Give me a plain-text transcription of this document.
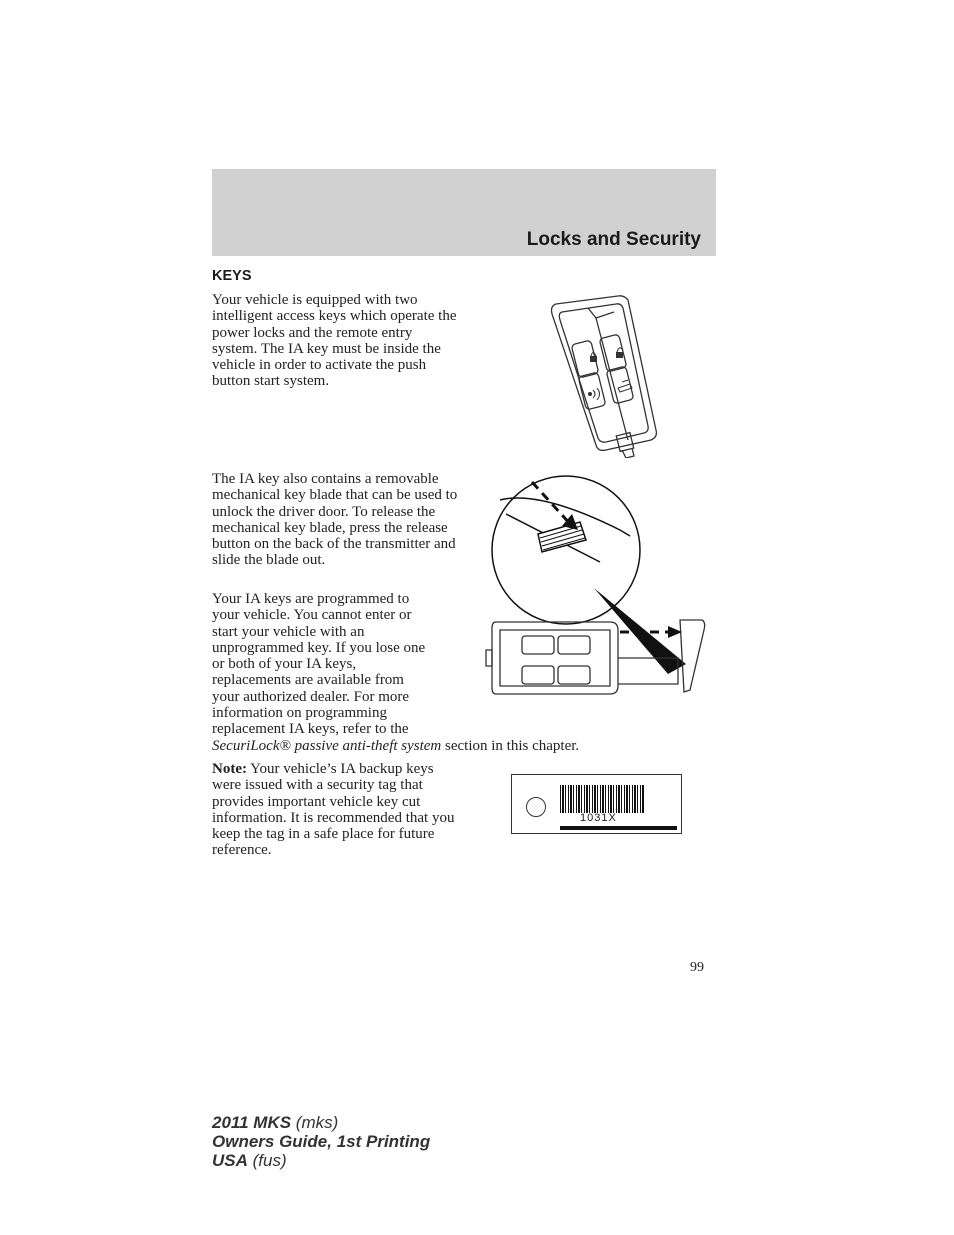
Locks and Security
KEYS

Your vehicle is equipped with two intelligent access keys which operate the power locks and the remote entry system. The IA key must be inside the vehicle in order to activate the push button start system.

The IA key also contains a removable mechanical key blade that can be used to unlock the driver door. To release the mechanical key blade, press the release button on the back of the transmitter and slide the blade out.

Your IA keys are programmed to
your vehicle. You cannot enter or
start your vehicle with an
unprogrammed key. If you lose one
or both of your IA keys,
replacements are available from
your authorized dealer. For more
information on programming
replacement IA keys, refer to the
SecuriLock® passive anti-theft system section in this chapter.

Note: Your vehicle’s IA backup keys were issued with a security tag that provides important vehicle key cut information. It is recommended that you keep the tag in a safe place for future reference.

1031X
99
2011 MKS (mks)
Owners Guide, 1st Printing
USA (fus)
